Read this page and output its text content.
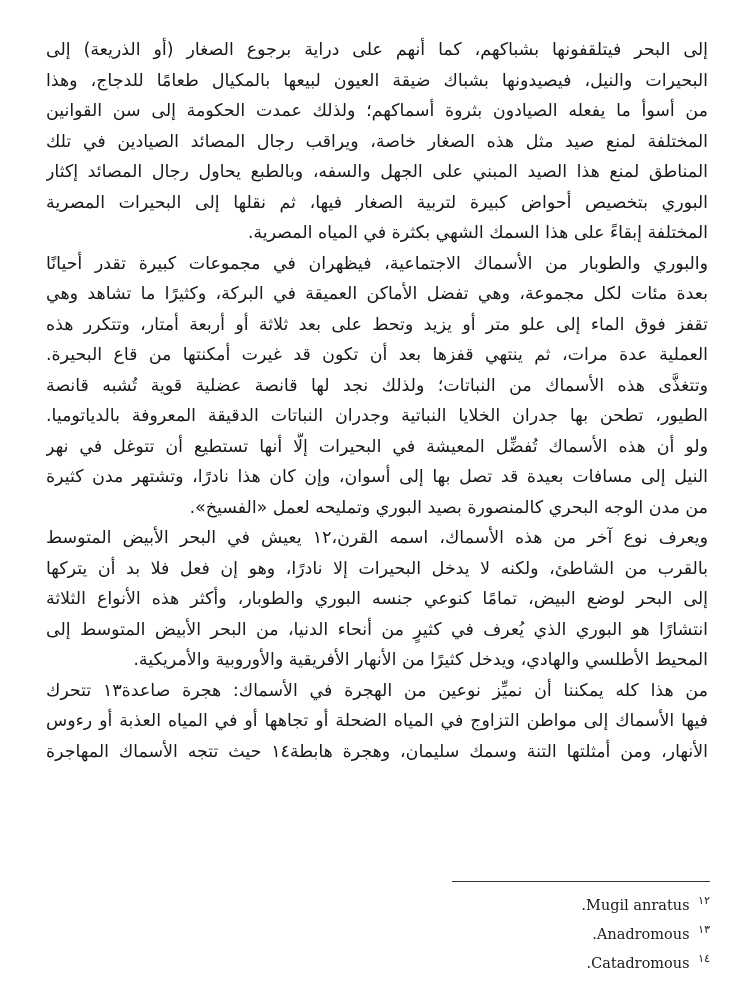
إلى البحر فيتلقفونها بشباكهم، كما أنهم على دراية برجوع الصغار (أو الذريعة) إلى
البحيرات والنيل، فيصيدونها بشباك ضيقة العيون لبيعها بالمكيال طعامًا للدجاج، وهذا
من أسوأ ما يفعله الصيادون بثروة أسماكهم؛ ولذلك عمدت الحكومة إلى سن القوانين
المختلفة لمنع صيد مثل هذه الصغار خاصة، ويراقب رجال المصائد الصيادين في تلك
المناطق لمنع هذا الصيد المبني على الجهل والسفه، وبالطبع يحاول رجال المصائد إكثار
البوري بتخصيص أحواض كبيرة لتربية الصغار فيها، ثم نقلها إلى البحيرات المصرية
المختلفة إبقاءً على هذا السمك الشهي بكثرة في المياه المصرية.
والبوري والطوبار من الأسماك الاجتماعية، فيظهران في مجموعات كبيرة تقدر أحيانًا
بعدة مئات لكل مجموعة، وهي تفضل الأماكن العميقة في البركة، وكثيرًا ما تشاهد وهي
تقفز فوق الماء إلى علو متر أو يزيد وتحط على بعد ثلاثة أو أربعة أمتار، وتتكرر هذه
العملية عدة مرات، ثم ينتهي قفزها بعد أن تكون قد غيرت أمكنتها من قاع البحيرة.
وتتغذَّى هذه الأسماك من النباتات؛ ولذلك نجد لها قانصة عضلية قوية تُشبه قانصة
الطيور، تطحن بها جدران الخلايا النباتية وجدران النباتات الدقيقة المعروفة بالدياتوميا.
ولو أن هذه الأسماك تُفضِّل المعيشة في البحيرات إلَّا أنها تستطيع أن تتوغل في نهر
النيل إلى مسافات بعيدة قد تصل بها إلى أسوان، وإن كان هذا نادرًا، وتشتهر مدن كثيرة
من مدن الوجه البحري كالمنصورة بصيد البوري وتمليحه لعمل «الفسيخ».
ويعرف نوع آخر من هذه الأسماك، اسمه القرن،١٢ يعيش في البحر الأبيض المتوسط
بالقرب من الشاطئ، ولكنه لا يدخل البحيرات إلا نادرًا، وهو إن فعل فلا بد أن يتركها
إلى البحر لوضع البيض، تمامًا كنوعي جنسه البوري والطوبار، وأكثر هذه الأنواع الثلاثة
انتشارًا هو البوري الذي يُعرف في كثيرٍ من أنحاء الدنيا، من البحر الأبيض المتوسط إلى
المحيط الأطلسي والهادي، ويدخل كثيرًا من الأنهار الأفريقية والأوروبية والأمريكية.
من هذا كله يمكننا أن نميِّز نوعين من الهجرة في الأسماك: هجرة صاعدة١٣ تتحرك
فيها الأسماك إلى مواطن التزاوج في المياه الضحلة أو تجاهها أو في المياه العذبة أو رءوس
الأنهار، ومن أمثلتها التنة وسمك سليمان، وهجرة هابطة١٤ حيث تتجه الأسماك المهاجرة
$^{١٢}$ Mugil anratus.
$^{١٣}$ Anadromous.
$^{١٤}$ Catadromous.
